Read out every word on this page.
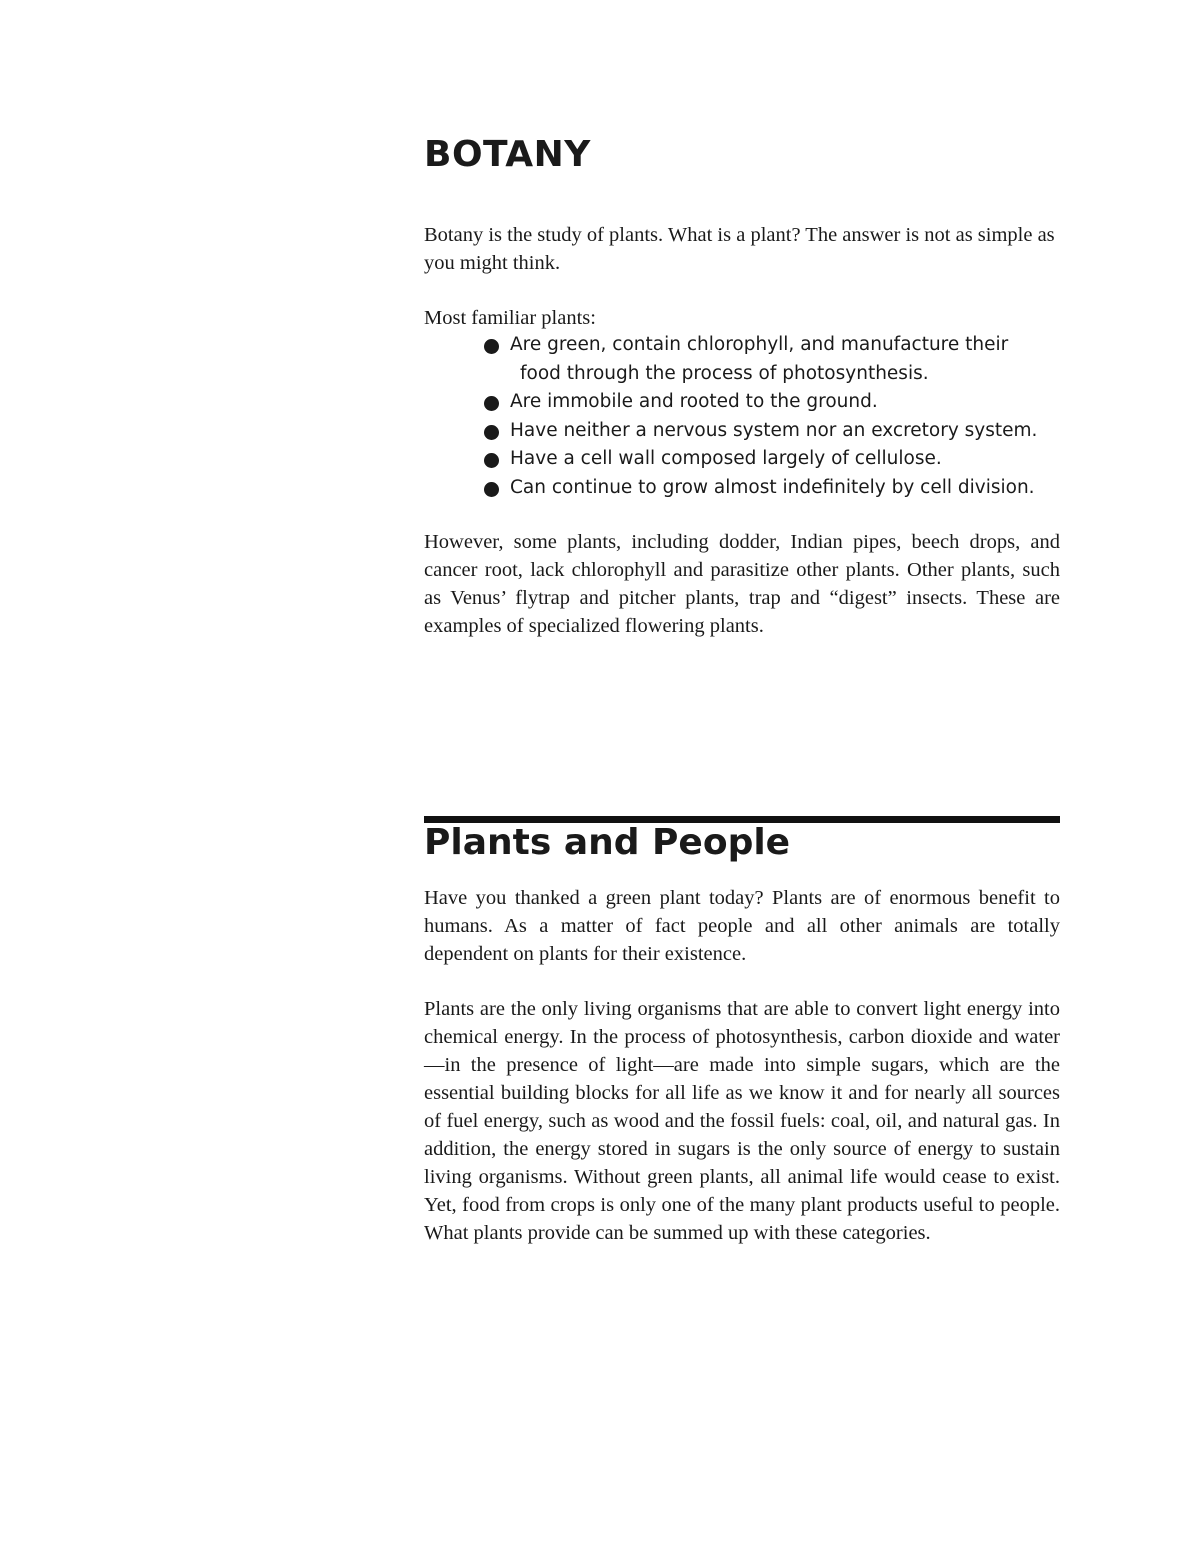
BOTANY

Botany is the study of plants. What is a plant? The answer is not as simple as you might think.

Most familiar plants:

Are green, contain chlorophyll, and manufacture their
food through the process of photosynthesis.
Are immobile and rooted to the ground.
Have neither a nervous system nor an excretory system.
Have a cell wall composed largely of cellulose.
Can continue to grow almost indefinitely by cell division.

However, some plants, including dodder, Indian pipes, beech drops, and cancer root, lack chlorophyll and parasitize other plants. Other plants, such as Venus’ flytrap and pitcher plants, trap and “digest” insects. These are examples of specialized flowering plants.

Plants and People

Have you thanked a green plant today? Plants are of enormous benefit to humans. As a matter of fact people and all other animals are totally dependent on plants for their existence.

Plants are the only living organisms that are able to convert light energy into chemical energy. In the process of photosynthesis, carbon dioxide and water—in the presence of light—are made into simple sugars, which are the essential building blocks for all life as we know it and for nearly all sources of fuel energy, such as wood and the fossil fuels: coal, oil, and natural gas. In addition, the energy stored in sugars is the only source of energy to sustain living organisms. Without green plants, all animal life would cease to exist. Yet, food from crops is only one of the many plant products useful to people. What plants provide can be summed up with these categories.
